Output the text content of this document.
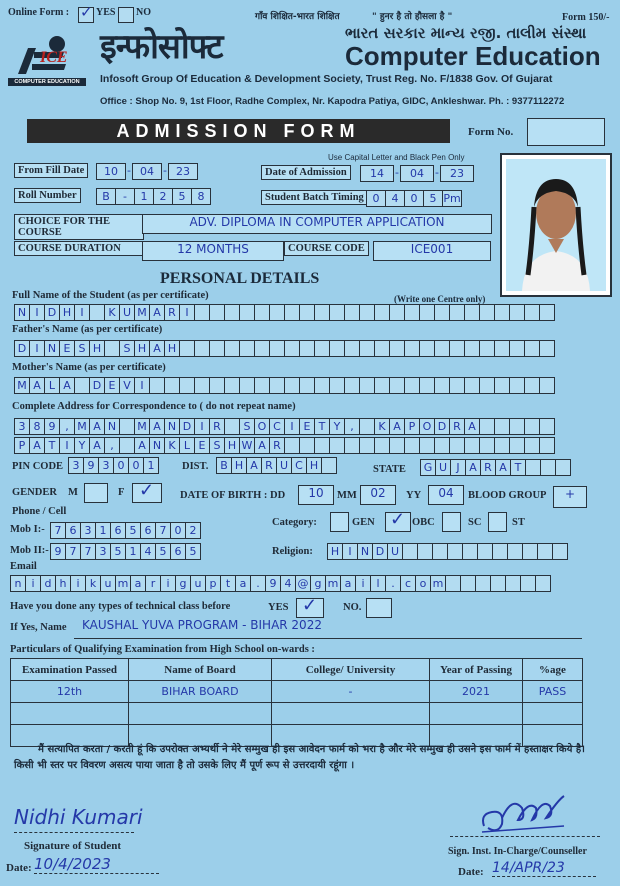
Online Form : ✓ YES NO	गाँव शिक्षित-भारत शिक्षित	" हुनर है तो हौसला है "	Form 150/-
ICE
COMPUTER EDUCATION
इन्फोसोफ्ट	ભારત સરકાર માન્ય રજી. તાલીમ સંસ્થા
Computer Education
Infosoft Group Of Education & Development Society, Trust Reg. No. F/1838 Gov. Of Gujarat
Office : Shop No. 9, 1st Floor, Radhe Complex, Nr. Kapodra Patiya, GIDC, Ankleshwar. Ph. : 9377112272
ADMISSION FORM	Form No.
Use Capital Letter and Black Pen Only
From Fill Date	10 - 04 - 23	Date of Admission	14	-	04	-	23
Roll Number	B	-	1	2	5	8	Student Batch Timing 0	4	0	5 Pm
CHOICE FOR THE COURSE
ADV. DIPLOMA IN COMPUTER APPLICATION
COURSE DURATION	12 MONTHS	COURSE CODE	ICE001
PERSONAL DETAILS
Full Name of the Student (as per certificate)	(Write one Centre only)
N I D H I	K U M A R I
Father's Name (as per certificate)
D I N E S H	S H A H
Mother's Name (as per certificate)
M A L A	D E V I
Complete Address for Correspondence to ( do not repeat name)
3 8 9 , M A N	M A N D I R	S O C I E T Y ,	K A P O D R A
P A T I Y A ,	A N K L E S H W A R
PIN CODE 3 9 3 0 0 1	DIST.	B H A R U C H	STATE	G U J A R A T
GENDER M	F ✓ DATE OF BIRTH : DD	10	MM	02	YY	04	BLOOD GROUP	+
Phone / Cell
Mob I:- 7 6 3 1 6 5 6 7 0 2
Mob II:- 9 7 7 3 5 1 4 5 6 5
Category:	GEN ✓ OBC	SC	ST
Religion:	H I N D U
Email
n i d h i k u m a r	i g u p t a . 9 4 @ g m a i	l	. c o m
Have you done any types of technical class before	YES ✓ NO.
If Yes, Name	KAUSHAL YUVA PROGRAM - BIHAR 2022
Particulars of Qualifying Examination from High School on-wards :
Examination Passed	Name of Board	College/ University	Year of Passing	%age
12th	BIHAR BOARD	-	2021	PASS

मैं सत्यापित करता / करती हूं कि उपरोक्त अभ्यर्थी ने मेरे सम्मुख ही इस आवेदन फार्म को भरा है और मेरे सम्मुख ही उसने इस फार्म में हस्ताक्षर किये है। किसी भी स्तर पर विवरण असत्य पाया जाता है तो उसके लिए मैं पूर्ण रूप से उत्तरदायी रहूंगा ।
Nidhi Kumari
Signature of Student
Date: 10/4/2023
Sign. Inst. In-Charge/Counseller
Date: 14/APR/23
